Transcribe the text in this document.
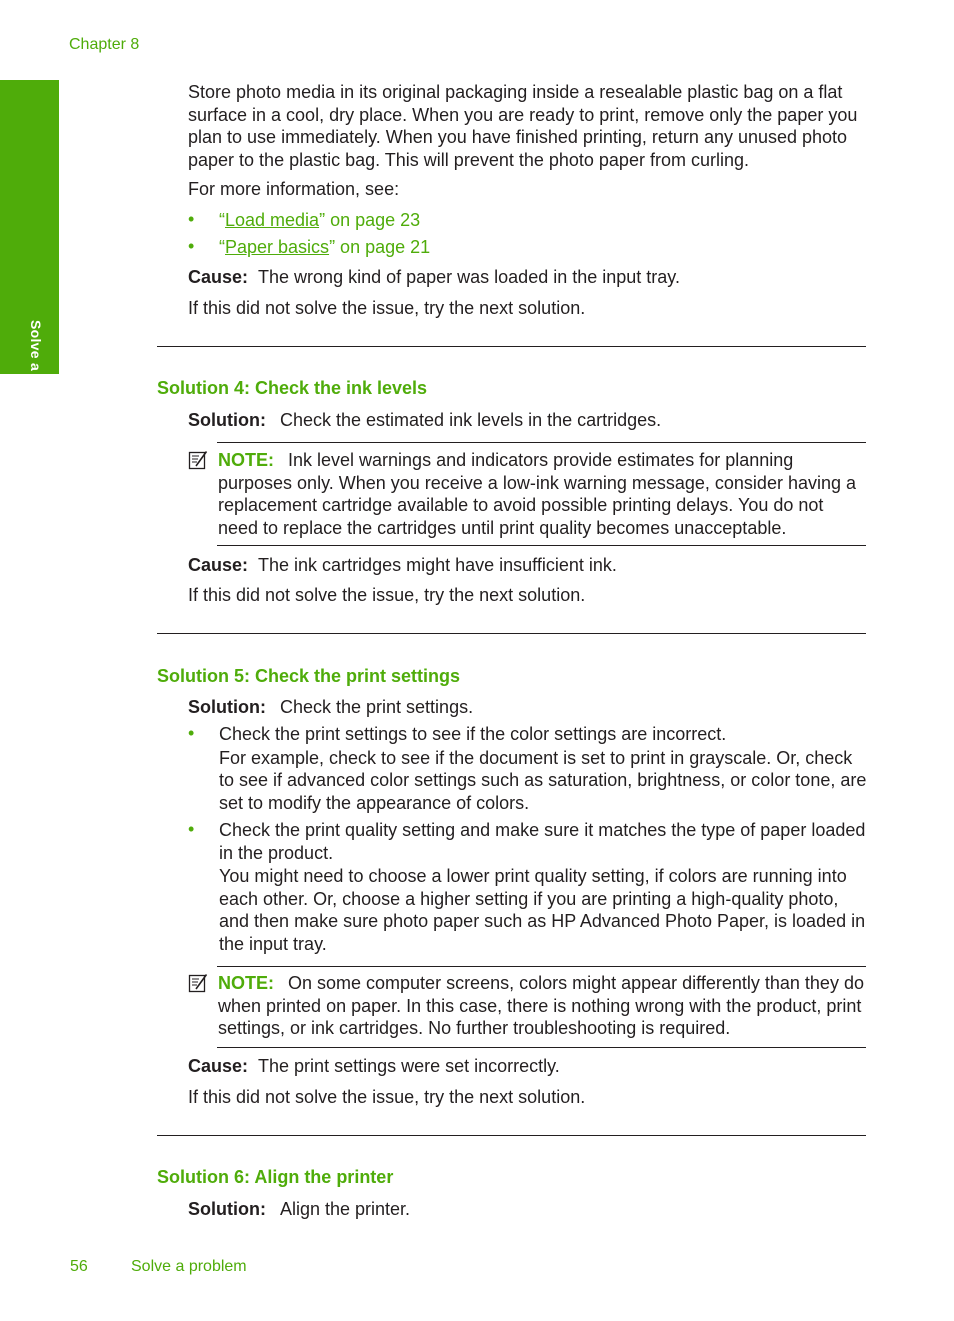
Chapter 8
Solve a problem
Store photo media in its original packaging inside a resealable plastic bag on a flat surface in a cool, dry place. When you are ready to print, remove only the paper you plan to use immediately. When you have finished printing, return any unused photo paper to the plastic bag. This will prevent the photo paper from curling.
For more information, see:
• “Load media” on page 23
• “Paper basics” on page 21
Cause: The wrong kind of paper was loaded in the input tray.
If this did not solve the issue, try the next solution.
Solution 4: Check the ink levels
Solution: Check the estimated ink levels in the cartridges.
NOTE: Ink level warnings and indicators provide estimates for planning purposes only. When you receive a low-ink warning message, consider having a replacement cartridge available to avoid possible printing delays. You do not need to replace the cartridges until print quality becomes unacceptable.
Cause: The ink cartridges might have insufficient ink.
If this did not solve the issue, try the next solution.
Solution 5: Check the print settings
Solution: Check the print settings.
• Check the print settings to see if the color settings are incorrect.
For example, check to see if the document is set to print in grayscale. Or, check to see if advanced color settings such as saturation, brightness, or color tone, are set to modify the appearance of colors.
• Check the print quality setting and make sure it matches the type of paper loaded in the product.
You might need to choose a lower print quality setting, if colors are running into each other. Or, choose a higher setting if you are printing a high-quality photo, and then make sure photo paper such as HP Advanced Photo Paper, is loaded in the input tray.
NOTE: On some computer screens, colors might appear differently than they do when printed on paper. In this case, there is nothing wrong with the product, print settings, or ink cartridges. No further troubleshooting is required.
Cause: The print settings were set incorrectly.
If this did not solve the issue, try the next solution.
Solution 6: Align the printer
Solution: Align the printer.
56	Solve a problem
